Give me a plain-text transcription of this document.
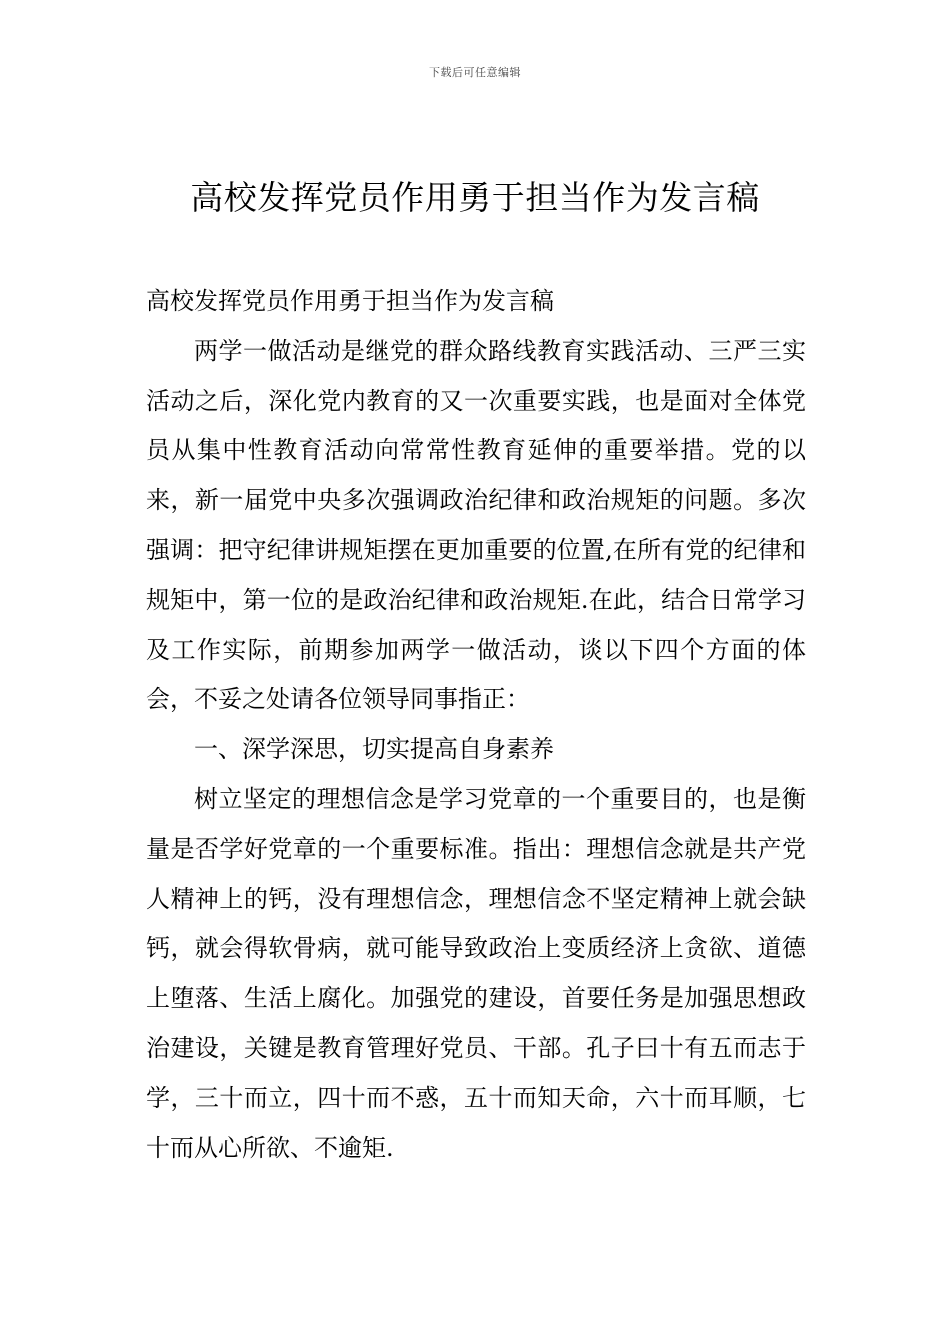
下载后可任意编辑
高校发挥党员作用勇于担当作为发言稿

高校发挥党员作用勇于担当作为发言稿

两学一做活动是继党的群众路线教育实践活动、三严三实活动之后，深化党内教育的又一次重要实践，也是面对全体党员从集中性教育活动向常常性教育延伸的重要举措。党的以来，新一届党中央多次强调政治纪律和政治规矩的问题。多次强调：把守纪律讲规矩摆在更加重要的位置,在所有党的纪律和规矩中，第一位的是政治纪律和政治规矩.在此，结合日常学习及工作实际，前期参加两学一做活动，谈以下四个方面的体会，不妥之处请各位领导同事指正：

一、深学深思，切实提高自身素养

树立坚定的理想信念是学习党章的一个重要目的，也是衡量是否学好党章的一个重要标准。指出：理想信念就是共产党人精神上的钙，没有理想信念，理想信念不坚定精神上就会缺钙，就会得软骨病，就可能导致政治上变质经济上贪欲、道德上堕落、生活上腐化。加强党的建设，首要任务是加强思想政治建设，关键是教育管理好党员、干部。孔子曰十有五而志于学，三十而立，四十而不惑，五十而知天命，六十而耳顺，七十而从心所欲、不逾矩.
